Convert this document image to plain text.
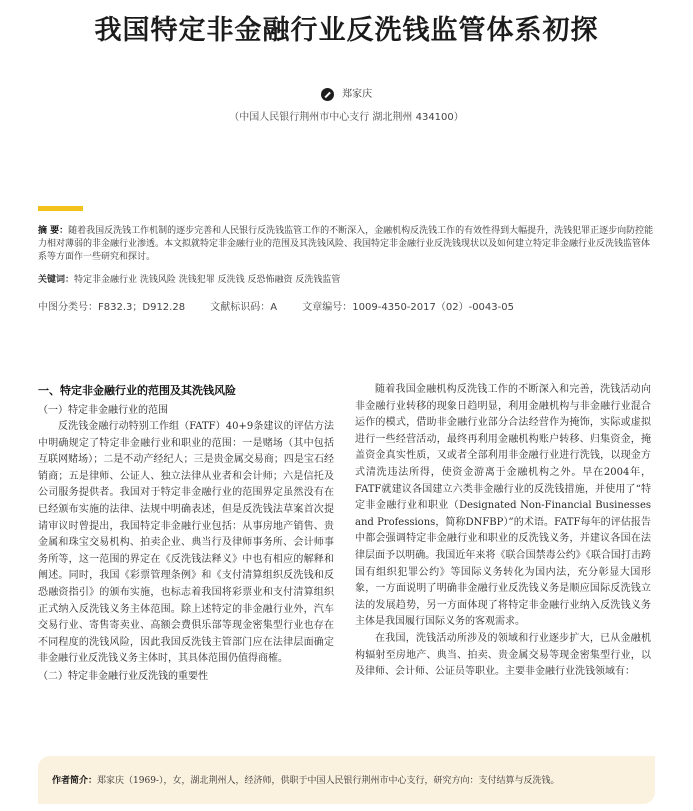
我国特定非金融行业反洗钱监管体系初探
郑家庆
（中国人民银行荆州市中心支行 湖北荆州 434100）
摘 要：随着我国反洗钱工作机制的逐步完善和人民银行反洗钱监管工作的不断深入，金融机构反洗钱工作的有效性得到大幅提升，洗钱犯罪正逐步向防控能力相对薄弱的非金融行业渗透。本文拟就特定非金融行业的范围及其洗钱风险、我国特定非金融行业反洗钱现状以及如何建立特定非金融行业反洗钱监管体系等方面作一些研究和探讨。
关键词：特定非金融行业 洗钱风险 洗钱犯罪 反洗钱 反恐怖融资 反洗钱监管
中图分类号：F832.3；D912.28	文献标识码：A	文章编号：1009-4350-2017（02）-0043-05
一、特定非金融行业的范围及其洗钱风险
（一）特定非金融行业的范围

反洗钱金融行动特别工作组（FATF）40+9条建议的评估方法中明确规定了特定非金融行业和职业的范围：一是赌场（其中包括互联网赌场）；二是不动产经纪人；三是贵金属交易商；四是宝石经销商；五是律师、公证人、独立法律从业者和会计师；六是信托及公司服务提供者。我国对于特定非金融行业的范围界定虽然没有在已经颁布实施的法律、法规中明确表述，但是反洗钱法草案首次提请审议时曾提出，我国特定非金融行业包括：从事房地产销售、贵金属和珠宝交易机构、拍卖企业、典当行及律师事务所、会计师事务所等，这一范围的界定在《反洗钱法释义》中也有相应的解释和阐述。同时，我国《彩票管理条例》和《支付清算组织反洗钱和反恐融资指引》的颁布实施，也标志着我国将彩票业和支付清算组织正式纳入反洗钱义务主体范围。除上述特定的非金融行业外，汽车交易行业、寄售寄卖业、高额会费俱乐部等现金密集型行业也存在不同程度的洗钱风险，因此我国反洗钱主管部门应在法律层面确定非金融行业反洗钱义务主体时，其具体范围仍值得商榷。

（二）特定非金融行业反洗钱的重要性

随着我国金融机构反洗钱工作的不断深入和完善，洗钱活动向非金融行业转移的现象日趋明显，利用金融机构与非金融行业混合运作的模式，借助非金融行业部分合法经营作为掩饰，实际或虚拟进行一些经营活动，最终再利用金融机构账户转移、归集资金，掩盖资金真实性质，又或者全部利用非金融行业进行洗钱，以现金方式清洗违法所得，使资金游离于金融机构之外。早在2004年，FATF就建议各国建立六类非金融行业的反洗钱措施，并使用了“特定非金融行业和职业（Designated Non-Financial Businesses and Professions，简称DNFBP）”的术语。FATF每年的评估报告中都会强调特定非金融行业和职业的反洗钱义务，并建议各国在法律层面予以明确。我国近年来将《联合国禁毒公约》《联合国打击跨国有组织犯罪公约》等国际义务转化为国内法，充分彰显大国形象，一方面说明了明确非金融行业反洗钱义务是顺应国际反洗钱立法的发展趋势，另一方面体现了将特定非金融行业纳入反洗钱义务主体是我国履行国际义务的客观需求。

在我国，洗钱活动所涉及的领域和行业逐步扩大，已从金融机构辐射至房地产、典当、拍卖、贵金属交易等现金密集型行业，以及律师、会计师、公证员等职业。主要非金融行业洗钱领域有：

作者简介：郑家庆（1969-），女，湖北荆州人，经济师，供职于中国人民银行荆州市中心支行，研究方向：支付结算与反洗钱。
